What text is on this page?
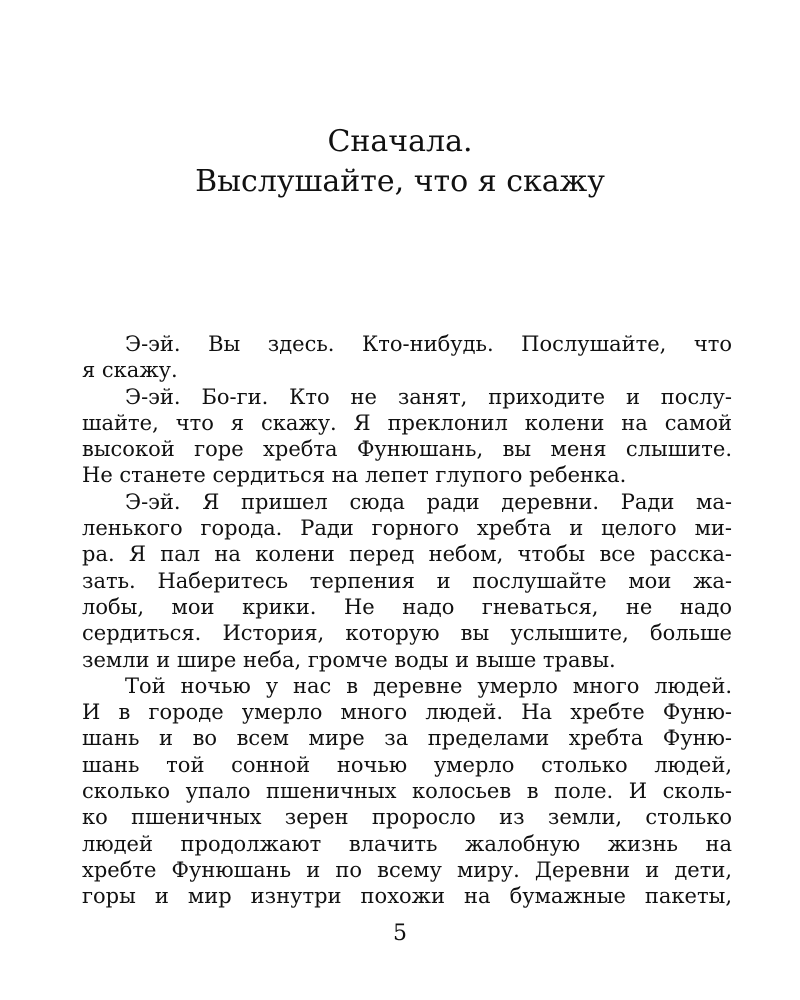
Сначала.
Выслушайте, что я скажу
Э-эй. Вы здесь. Кто-нибудь. Послушайте, что
я скажу.
Э-эй. Бо-ги. Кто не занят, приходите и послу-
шайте, что я скажу. Я преклонил колени на самой
высокой горе хребта Фунюшань, вы меня слышите.
Не станете сердиться на лепет глупого ребенка.
Э-эй. Я пришел сюда ради деревни. Ради ма-
ленького города. Ради горного хребта и целого ми-
ра. Я пал на колени перед небом, чтобы все расска-
зать. Наберитесь терпения и послушайте мои жа-
лобы, мои крики. Не надо гневаться, не надо
сердиться. История, которую вы услышите, больше
земли и шире неба, громче воды и выше травы.
Той ночью у нас в деревне умерло много людей.
И в городе умерло много людей. На хребте Фуню-
шань и во всем мире за пределами хребта Фуню-
шань той сонной ночью умерло столько людей,
сколько упало пшеничных колосьев в поле. И сколь-
ко пшеничных зерен проросло из земли, столько
людей продолжают влачить жалобную жизнь на
хребте Фунюшань и по всему миру. Деревни и дети,
горы и мир изнутри похожи на бумажные пакеты,
5
